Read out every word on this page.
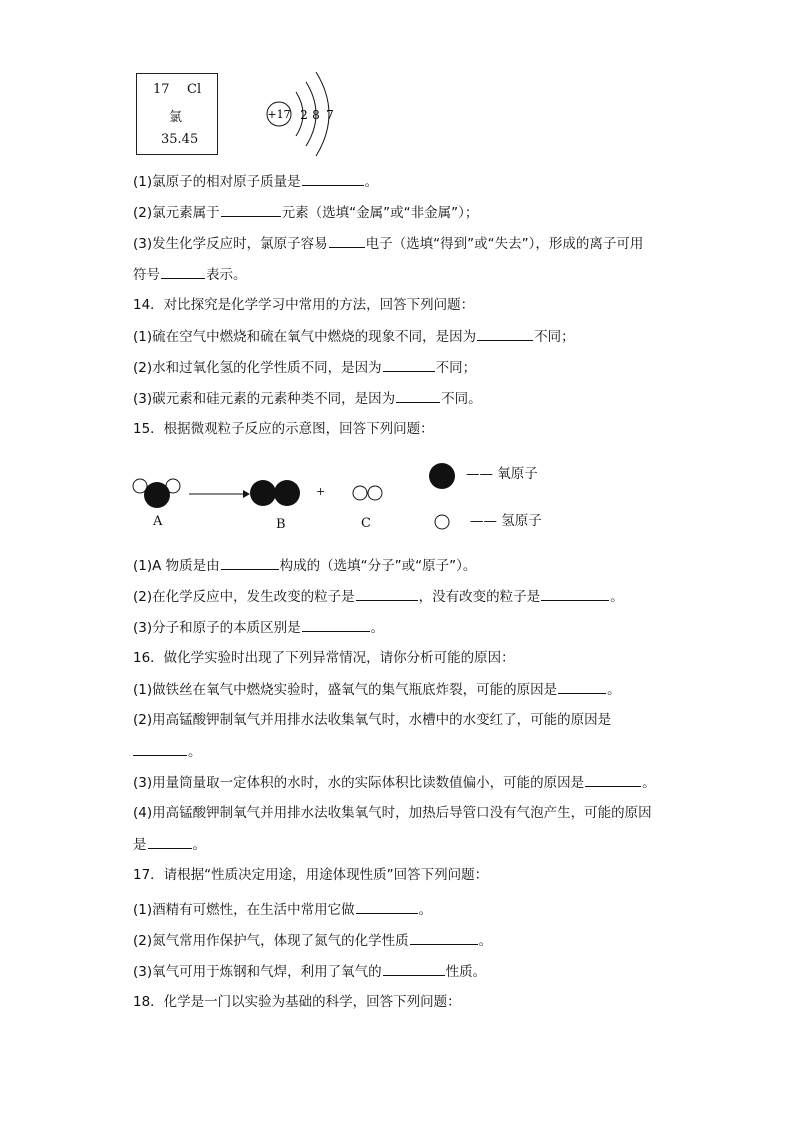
17 Cl
氯
35.45
+17 2 8 7
(1)氯原子的相对原子质量是	。
(2)氯元素属于	元素（选填“金属”或“非金属”）；
(3)发生化学反应时，氯原子容易	电子（选填“得到”或“失去”），形成的离子可用
符号	表示。
14．对比探究是化学学习中常用的方法，回答下列问题：
(1)硫在空气中燃烧和硫在氧气中燃烧的现象不同，是因为	不同；
(2)水和过氧化氢的化学性质不同，是因为	不同；
(3)碳元素和硅元素的元素种类不同，是因为	不同。
15．根据微观粒子反应的示意图，回答下列问题：
A	B
+
C
—— 氧原子
—— 氢原子
(1)A 物质是由	构成的（选填“分子”或“原子”）。
(2)在化学反应中，发生改变的粒子是	，没有改变的粒子是	。
(3)分子和原子的本质区别是	。
16．做化学实验时出现了下列异常情况，请你分析可能的原因：
(1)做铁丝在氧气中燃烧实验时，盛氧气的集气瓶底炸裂，可能的原因是	。
(2)用高锰酸钾制氧气并用排水法收集氧气时，水槽中的水变红了，可能的原因是
。
(3)用量筒量取一定体积的水时，水的实际体积比读数值偏小，可能的原因是	。
(4)用高锰酸钾制氧气并用排水法收集氧气时，加热后导管口没有气泡产生，可能的原因
是	。
17．请根据“性质决定用途，用途体现性质”回答下列问题：
(1)酒精有可燃性，在生活中常用它做	。
(2)氮气常用作保护气，体现了氮气的化学性质	。
(3)氧气可用于炼钢和气焊，利用了氧气的	性质。
18．化学是一门以实验为基础的科学，回答下列问题：
